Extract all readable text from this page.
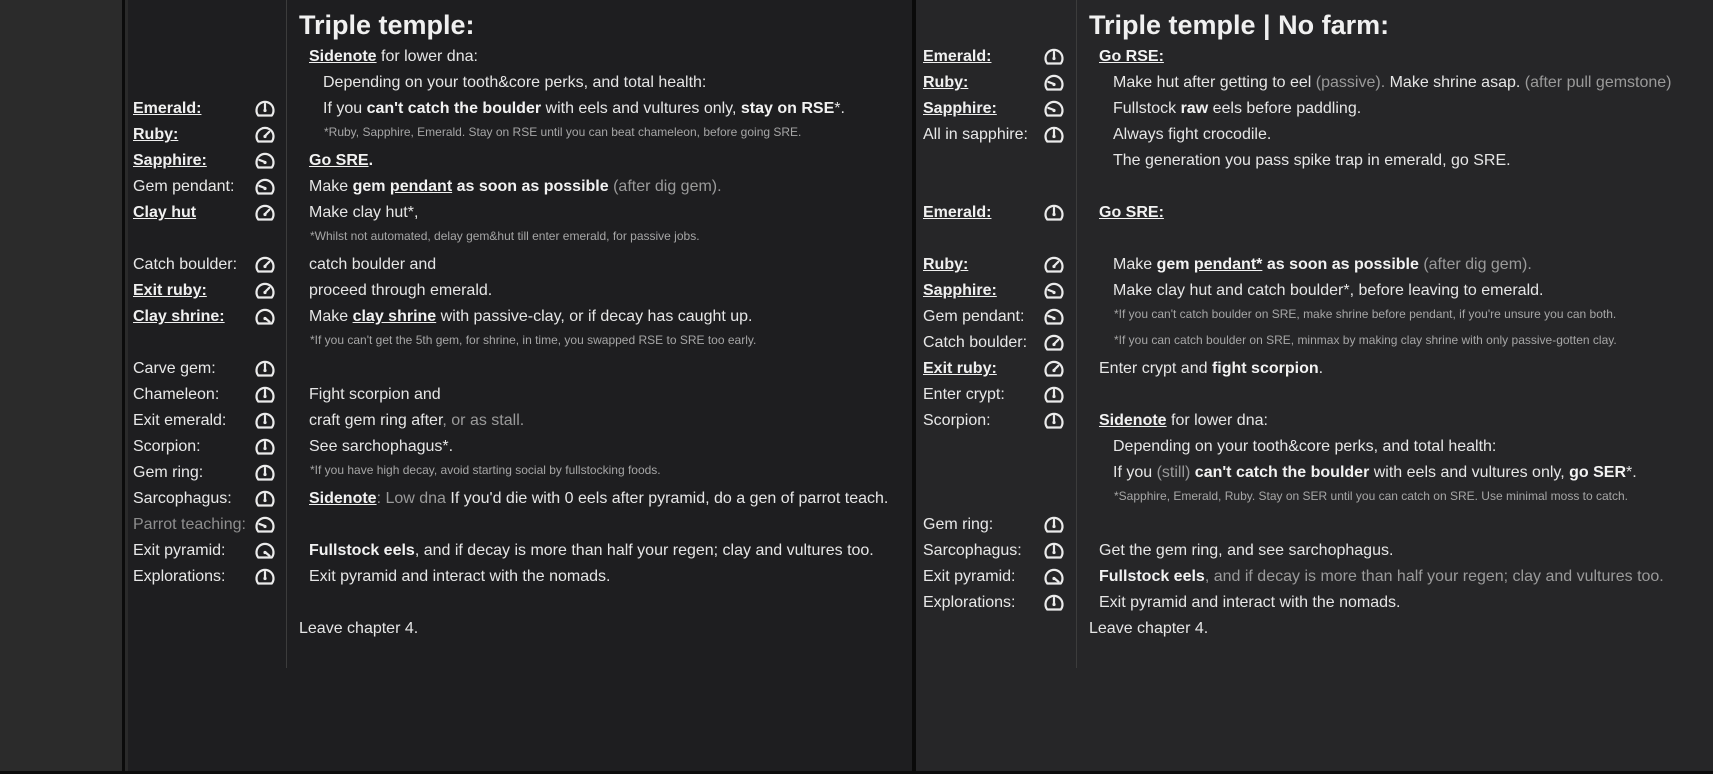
Triple temple:
Sidenote for lower dna:
Depending on your tooth&core perks, and total health:
If you can't catch the boulder with eels and vultures only, stay on RSE*.
*Ruby, Sapphire, Emerald. Stay on RSE until you can beat chameleon, before going SRE.
Go SRE.
Make gem pendant as soon as possible (after dig gem).
Make clay hut*,
*Whilst not automated, delay gem&hut till enter emerald, for passive jobs.
catch boulder and
proceed through emerald.
Make clay shrine with passive-clay, or if decay has caught up.
*If you can't get the 5th gem, for shrine, in time, you swapped RSE to SRE too early.
Fight scorpion and
craft gem ring after, or as stall.
See sarchophagus*.
*If you have high decay, avoid starting social by fullstocking foods.
Sidenote: Low dna If you'd die with 0 eels after pyramid, do a gen of parrot teach.
Fullstock eels, and if decay is more than half your regen; clay and vultures too.
Exit pyramid and interact with the nomads.
Leave chapter 4.
Emerald:
Ruby:
Sapphire:
Gem pendant:
Clay hut
Catch boulder:
Exit ruby:
Clay shrine:
Carve gem:
Chameleon:
Exit emerald:
Scorpion:
Gem ring:
Sarcophagus:
Parrot teaching:
Exit pyramid:
Explorations:
Triple temple | No farm:
Go RSE:
Make hut after getting to eel (passive). Make shrine asap. (after pull gemstone)
Fullstock raw eels before paddling.
Always fight crocodile.
The generation you pass spike trap in emerald, go SRE.
Go SRE:
Make gem pendant* as soon as possible (after dig gem).
Make clay hut and catch boulder*, before leaving to emerald.
*If you can't catch boulder on SRE, make shrine before pendant, if you're unsure you can both.
*If you can catch boulder on SRE, minmax by making clay shrine with only passive-gotten clay.
Enter crypt and fight scorpion.
Sidenote for lower dna:
Depending on your tooth&core perks, and total health:
If you (still) can't catch the boulder with eels and vultures only, go SER*.
*Sapphire, Emerald, Ruby. Stay on SER until you can catch on SRE. Use minimal moss to catch.
Get the gem ring, and see sarchophagus.
Fullstock eels, and if decay is more than half your regen; clay and vultures too.
Exit pyramid and interact with the nomads.
Leave chapter 4.
Emerald:
Ruby:
Sapphire:
All in sapphire:
Emerald:
Ruby:
Sapphire:
Gem pendant:
Catch boulder:
Exit ruby:
Enter crypt:
Scorpion:
Gem ring:
Sarcophagus:
Exit pyramid:
Explorations:
